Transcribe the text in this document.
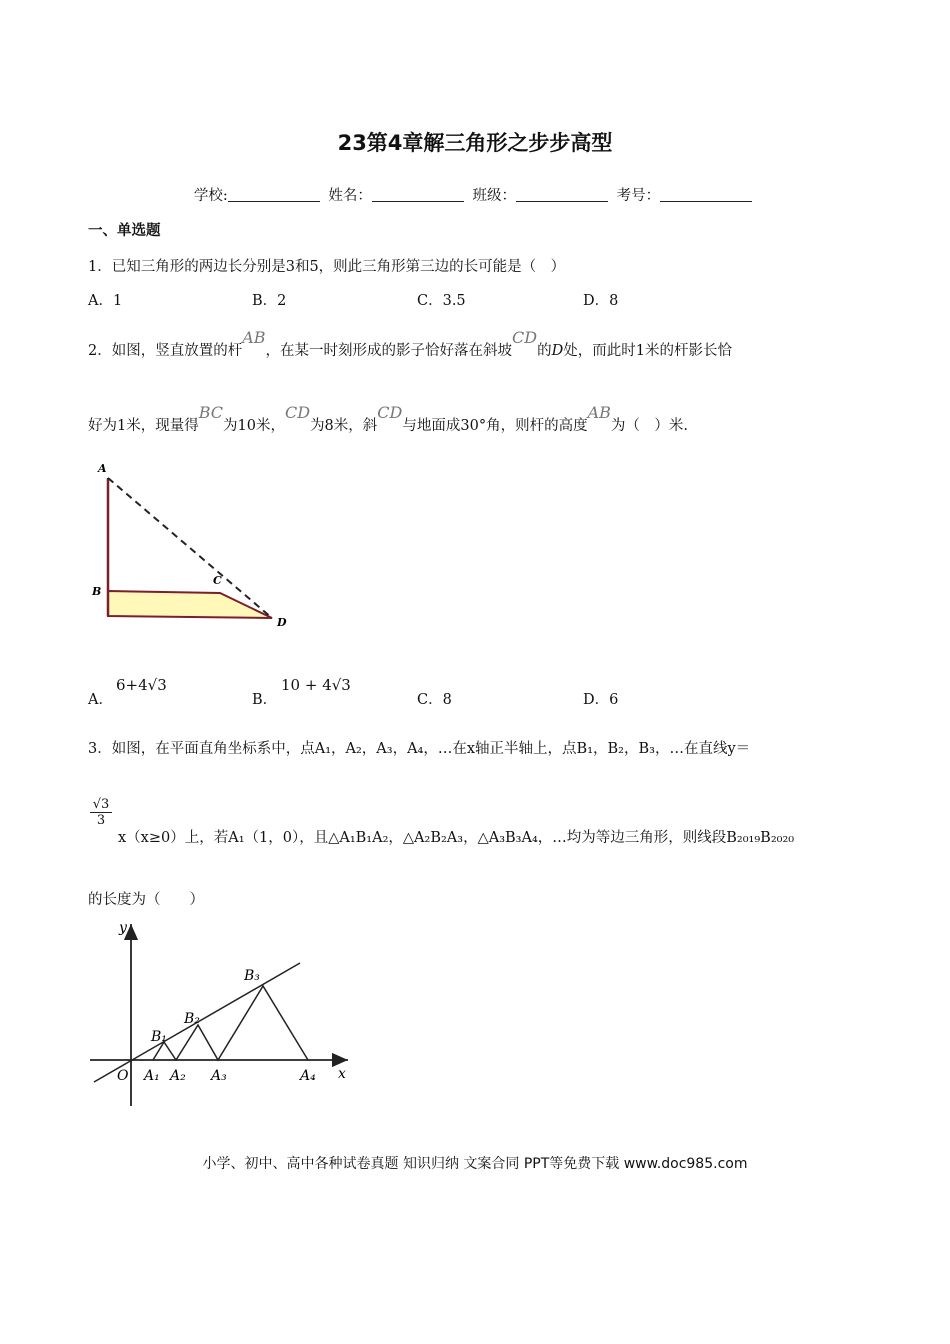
23第4章解三角形之步步高型
学校:	姓名：	班级：	考号：
一、单选题
1．已知三角形的两边长分别是3和5，则此三角形第三边的长可能是（　）
A．1	B．2	C．3.5	D．8
2．如图，竖直放置的杆AB，在某一时刻形成的影子恰好落在斜坡CD的D处，而此时1米的杆影长恰
好为1米，现量得BC为10米，CD为8米，斜CD与地面成30°角，则杆的高度AB为（　）米.
A
B
C
D
A．
6+4√3
B．
10 + 4√3
C．8	D．6
3．如图，在平面直角坐标系中，点A₁，A₂，A₃，A₄，…在x轴正半轴上，点B₁，B₂，B₃，…在直线y＝
$\frac{√3}{3}$
x（x≥0）上，若A₁（1，0），且△A₁B₁A₂，△A₂B₂A₃，△A₃B₃A₄，…均为等边三角形，则线段B₂₀₁₉B₂₀₂₀
的长度为（　　）
y
x
O A₁ A₂ A₃	A₄
B₁
B₂
B₃
小学、初中、高中各种试卷真题 知识归纳 文案合同 PPT等免费下载 www.doc985.com
